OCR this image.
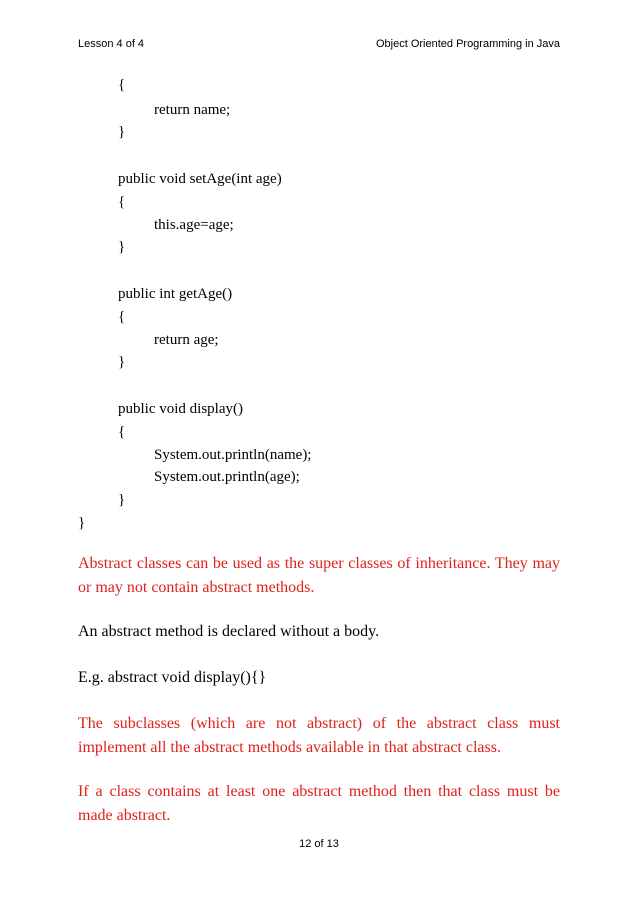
Lesson 4 of 4	Object Oriented Programming in Java
{
return name;
}
public void setAge(int age)
{
this.age=age;
}
public int getAge()
{
return age;
}
public void display()
{
System.out.println(name);
System.out.println(age);
}
}

Abstract classes can be used as the super classes of inheritance. They may or may not contain abstract methods.

An abstract method is declared without a body.

E.g. abstract void display(){}

The subclasses (which are not abstract) of the abstract class must implement all the abstract methods available in that abstract class.

If a class contains at least one abstract method then that class must be made abstract.

12 of 13
